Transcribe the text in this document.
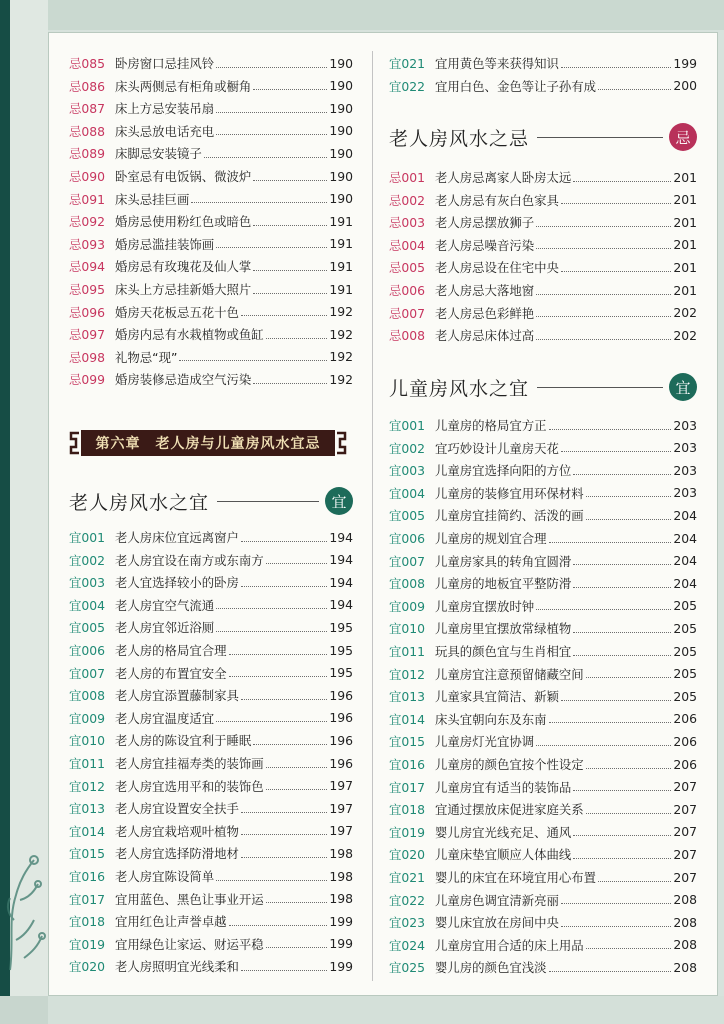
忌085 卧房窗口忌挂风铃	190
忌086 床头两侧忌有柜角或橱角	190
忌087 床上方忌安装吊扇	190
忌088 床头忌放电话充电	190
忌089 床脚忌安装镜子	190
忌090 卧室忌有电饭锅、微波炉	190
忌091 床头忌挂巨画	190
忌092 婚房忌使用粉红色或暗色	191
忌093 婚房忌滥挂装饰画	191
忌094 婚房忌有玫瑰花及仙人掌	191
忌095 床头上方忌挂新婚大照片	191
忌096 婚房天花板忌五花十色	192
忌097 婚房内忌有水栽植物或鱼缸	192
忌098 礼物忌“现”	192
忌099 婚房装修忌造成空气污染	192
老人房风水之宜	宜
宜001 老人房床位宜远离窗户	194
宜002 老人房宜设在南方或东南方	194
宜003 老人宜选择较小的卧房	194
宜004 老人房宜空气流通	194
宜005 老人房宜邻近浴厕	195
宜006 老人房的格局宜合理	195
宜007 老人房的布置宜安全	195
宜008 老人房宜添置藤制家具	196
宜009 老人房宜温度适宜	196
宜010 老人房的陈设宜利于睡眠	196
宜011 老人房宜挂福寿类的装饰画	196
宜012 老人房宜选用平和的装饰色	197
宜013 老人房宜设置安全扶手	197
宜014 老人房宜栽培观叶植物	197
宜015 老人房宜选择防滑地材	198
宜016 老人房宜陈设简单	198
宜017 宜用蓝色、黑色让事业开运	198
宜018 宜用红色让声誉卓越	199
宜019 宜用绿色让家运、财运平稳	199
宜020 老人房照明宜光线柔和	199
第六章　老人房与儿童房风水宜忌
宜021 宜用黄色等来获得知识	199
宜022 宜用白色、金色等让子孙有成	200
老人房风水之忌	忌
忌001 老人房忌离家人卧房太远	201
忌002 老人房忌有灰白色家具	201
忌003 老人房忌摆放狮子	201
忌004 老人房忌噪音污染	201
忌005 老人房忌设在住宅中央	201
忌006 老人房忌大落地窗	201
忌007 老人房忌色彩鲜艳	202
忌008 老人房忌床体过高	202
儿童房风水之宜	宜
宜001 儿童房的格局宜方正	203
宜002 宜巧妙设计儿童房天花	203
宜003 儿童房宜选择向阳的方位	203
宜004 儿童房的装修宜用环保材料	203
宜005 儿童房宜挂简约、活泼的画	204
宜006 儿童房的规划宜合理	204
宜007 儿童房家具的转角宜圆滑	204
宜008 儿童房的地板宜平整防滑	204
宜009 儿童房宜摆放时钟	205
宜010 儿童房里宜摆放常绿植物	205
宜011 玩具的颜色宜与生肖相宜	205
宜012 儿童房宜注意预留储藏空间	205
宜013 儿童家具宜简洁、新颖	205
宜014 床头宜朝向东及东南	206
宜015 儿童房灯光宜协调	206
宜016 儿童房的颜色宜按个性设定	206
宜017 儿童房宜有适当的装饰品	207
宜018 宜通过摆放床促进家庭关系	207
宜019 婴儿房宜光线充足、通风	207
宜020 儿童床垫宜顺应人体曲线	207
宜021 婴儿的床宜在环境宜用心布置	207
宜022 儿童房色调宜清新亮丽	208
宜023 婴儿床宜放在房间中央	208
宜024 儿童房宜用合适的床上用品	208
宜025 婴儿房的颜色宜浅淡	208
